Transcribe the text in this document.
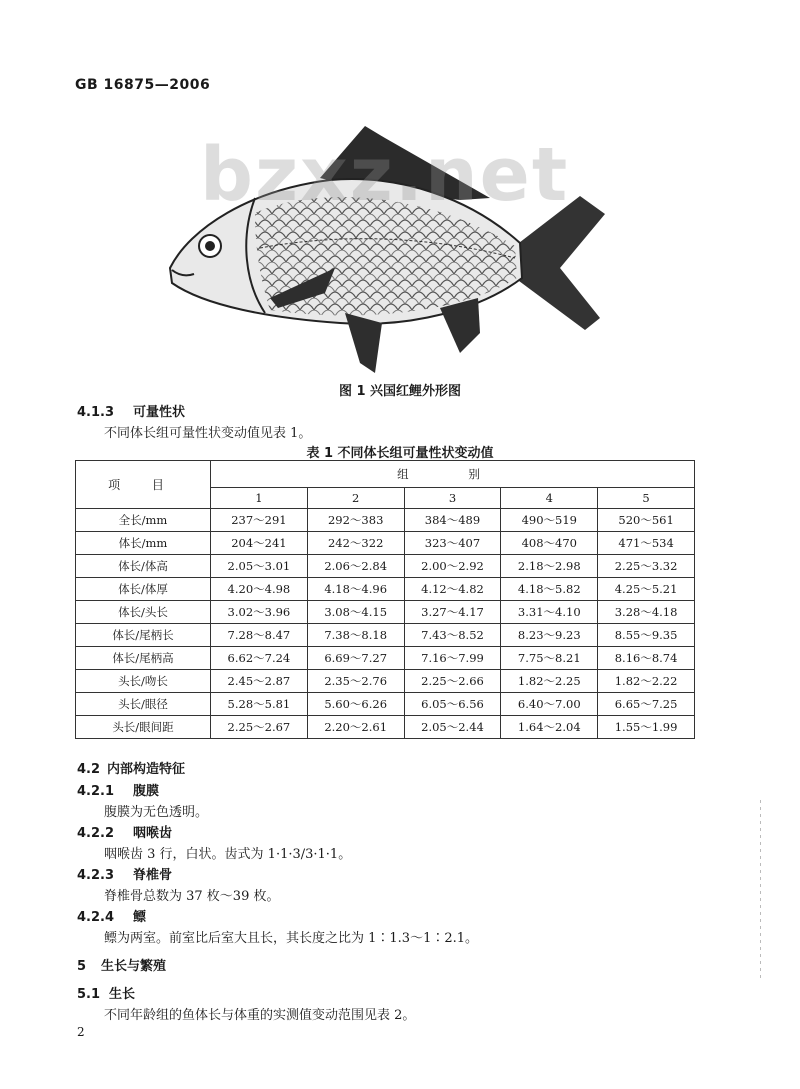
GB 16875—2006
bzxz.net
图 1 兴国红鲤外形图
4.1.3 可量性状
不同体长组可量性状变动值见表 1。
表 1 不同体长组可量性状变动值
项 目	组 别				
	1	2	3	4	5
全长/mm	237～291	292～383	384～489	490～519	520～561
体长/mm	204～241	242～322	323～407	408～470	471～534
体长/体高	2.05～3.01	2.06～2.84	2.00～2.92	2.18～2.98	2.25～3.32
体长/体厚	4.20～4.98	4.18～4.96	4.12～4.82	4.18～5.82	4.25～5.21
体长/头长	3.02～3.96	3.08～4.15	3.27～4.17	3.31～4.10	3.28～4.18
体长/尾柄长	7.28～8.47	7.38～8.18	7.43～8.52	8.23～9.23	8.55～9.35
体长/尾柄高	6.62～7.24	6.69～7.27	7.16～7.99	7.75～8.21	8.16～8.74
头长/吻长	2.45～2.87	2.35～2.76	2.25～2.66	1.82～2.25	1.82～2.22
头长/眼径	5.28～5.81	5.60～6.26	6.05～6.56	6.40～7.00	6.65～7.25
头长/眼间距	2.25～2.67	2.20～2.61	2.05～2.44	1.64～2.04	1.55～1.99
4.2 内部构造特征
4.2.1 腹膜
腹膜为无色透明。
4.2.2 咽喉齿
咽喉齿 3 行，白状。齿式为 1·1·3/3·1·1。
4.2.3 脊椎骨
脊椎骨总数为 37 枚～39 枚。
4.2.4 鳔
鳔为两室。前室比后室大且长，其长度之比为 1∶1.3～1∶2.1。
5 生长与繁殖
5.1 生长
不同年龄组的鱼体长与体重的实测值变动范围见表 2。
2
